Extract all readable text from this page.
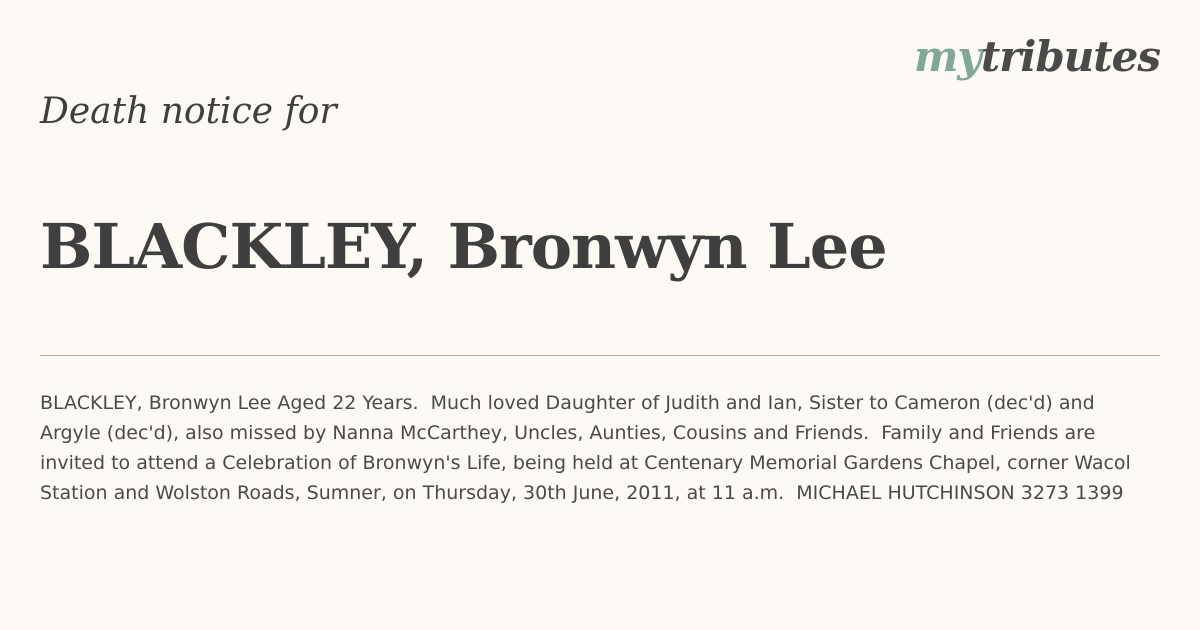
mytributes
Death notice for
BLACKLEY, Bronwyn Lee
BLACKLEY, Bronwyn Lee Aged 22 Years.  Much loved Daughter of Judith and Ian, Sister to Cameron (dec'd) and Argyle (dec'd), also missed by Nanna McCarthey, Uncles, Aunties, Cousins and Friends.  Family and Friends are invited to attend a Celebration of Bronwyn's Life, being held at Centenary Memorial Gardens Chapel, corner Wacol Station and Wolston Roads, Sumner, on Thursday, 30th June, 2011, at 11 a.m.  MICHAEL HUTCHINSON 3273 1399
